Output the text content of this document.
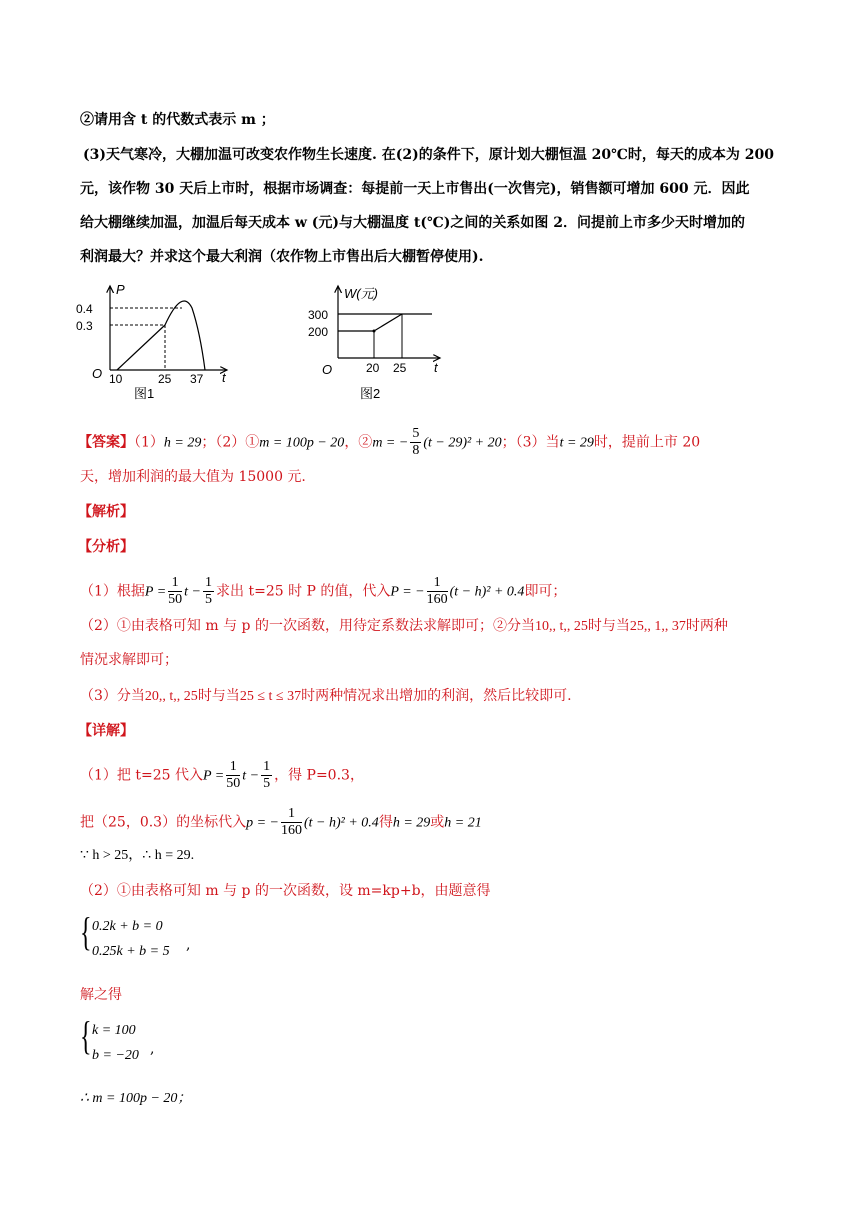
②请用含 t 的代数式表示 m ；
(3)天气寒冷，大棚加温可改变农作物生长速度. 在(2)的条件下，原计划大棚恒温 20℃时，每天的成本为 200
元，该作物 30 天后上市时，根据市场调查：每提前一天上市售出(一次售完)，销售额可增加 600 元．因此
给大棚继续加温，加温后每天成本 w (元)与大棚温度 t(℃)之间的关系如图 2．问提前上市多少天时增加的
利润最大？并求这个最大利润（农作物上市售出后大棚暂停使用).
P
t
O
0.4
0.3
10	25 37
图1
W(元)
t
O
300
200
20 25
图2
【答案】（1）h = 29；（2）①m = 100p − 20，②m = − $\frac{5}{8} (t - 29)^2 + 20$；（3）当t = 29时，提前上市 20
天，增加利润的最大值为 15000 元.
【解析】
【分析】
（1）根据$P = \frac{1}{50}$ $t - \frac{1}{5}$ 求出 t=25 时 P 的值，代入P = − $\frac{1}{160} (t - h)^2 + 0.4$即可；
（2）①由表格可知 m 与 p 的一次函数，用待定系数法求解即可；②分当10,, t,, 25时与当25,, 1,, 37时两种
情况求解即可；
（3）分当20,, t,, 25时与当25 ≤ t ≤ 37时两种情况求出增加的利润，然后比较即可.
【详解】
（1）把 t=25 代入$P = \frac{1}{50}$ $t - \frac{1}{5}$ ，得 P=0.3，
把（25，0.3）的坐标代入p = − $\frac{1}{160} (t - h)^2 + 0.4$得h = 29或h = 21
∵ h > 25，∴ h = 29.
（2）①由表格可知 m 与 p 的一次函数，设 m=kp+b，由题意得
{ 0.2k + b = 0
0.25k + b = 5 ,
解之得
{ k = 100
b = −20 ,
∴ m = 100p − 20；
